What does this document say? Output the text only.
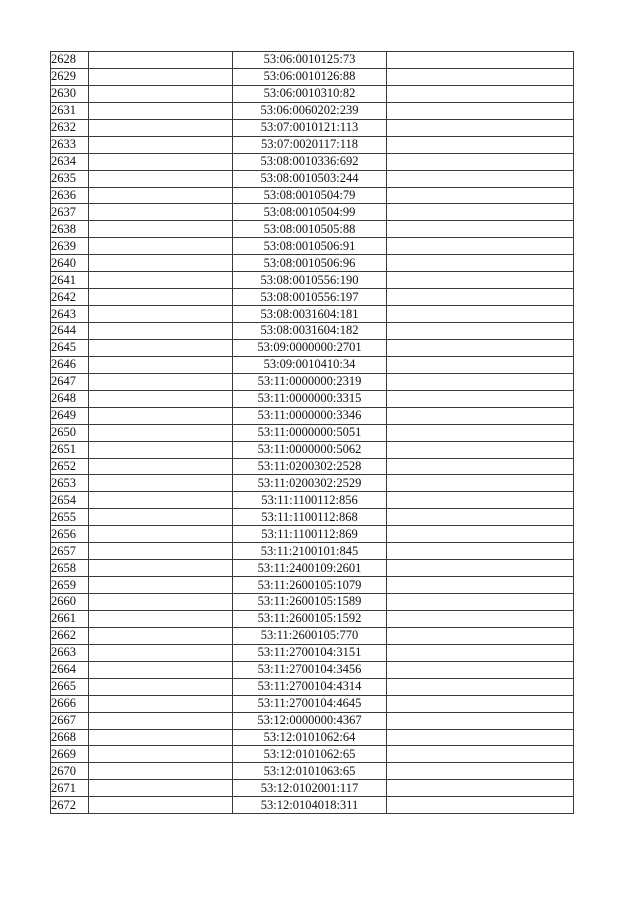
2628		53:06:0010125:73	
2629		53:06:0010126:88	
2630		53:06:0010310:82	
2631		53:06:0060202:239	
2632		53:07:0010121:113	
2633		53:07:0020117:118	
2634		53:08:0010336:692	
2635		53:08:0010503:244	
2636		53:08:0010504:79	
2637		53:08:0010504:99	
2638		53:08:0010505:88	
2639		53:08:0010506:91	
2640		53:08:0010506:96	
2641		53:08:0010556:190	
2642		53:08:0010556:197	
2643		53:08:0031604:181	
2644		53:08:0031604:182	
2645		53:09:0000000:2701	
2646		53:09:0010410:34	
2647		53:11:0000000:2319	
2648		53:11:0000000:3315	
2649		53:11:0000000:3346	
2650		53:11:0000000:5051	
2651		53:11:0000000:5062	
2652		53:11:0200302:2528	
2653		53:11:0200302:2529	
2654		53:11:1100112:856	
2655		53:11:1100112:868	
2656		53:11:1100112:869	
2657		53:11:2100101:845	
2658		53:11:2400109:2601	
2659		53:11:2600105:1079	
2660		53:11:2600105:1589	
2661		53:11:2600105:1592	
2662		53:11:2600105:770	
2663		53:11:2700104:3151	
2664		53:11:2700104:3456	
2665		53:11:2700104:4314	
2666		53:11:2700104:4645	
2667		53:12:0000000:4367	
2668		53:12:0101062:64	
2669		53:12:0101062:65	
2670		53:12:0101063:65	
2671		53:12:0102001:117	
2672		53:12:0104018:311	
